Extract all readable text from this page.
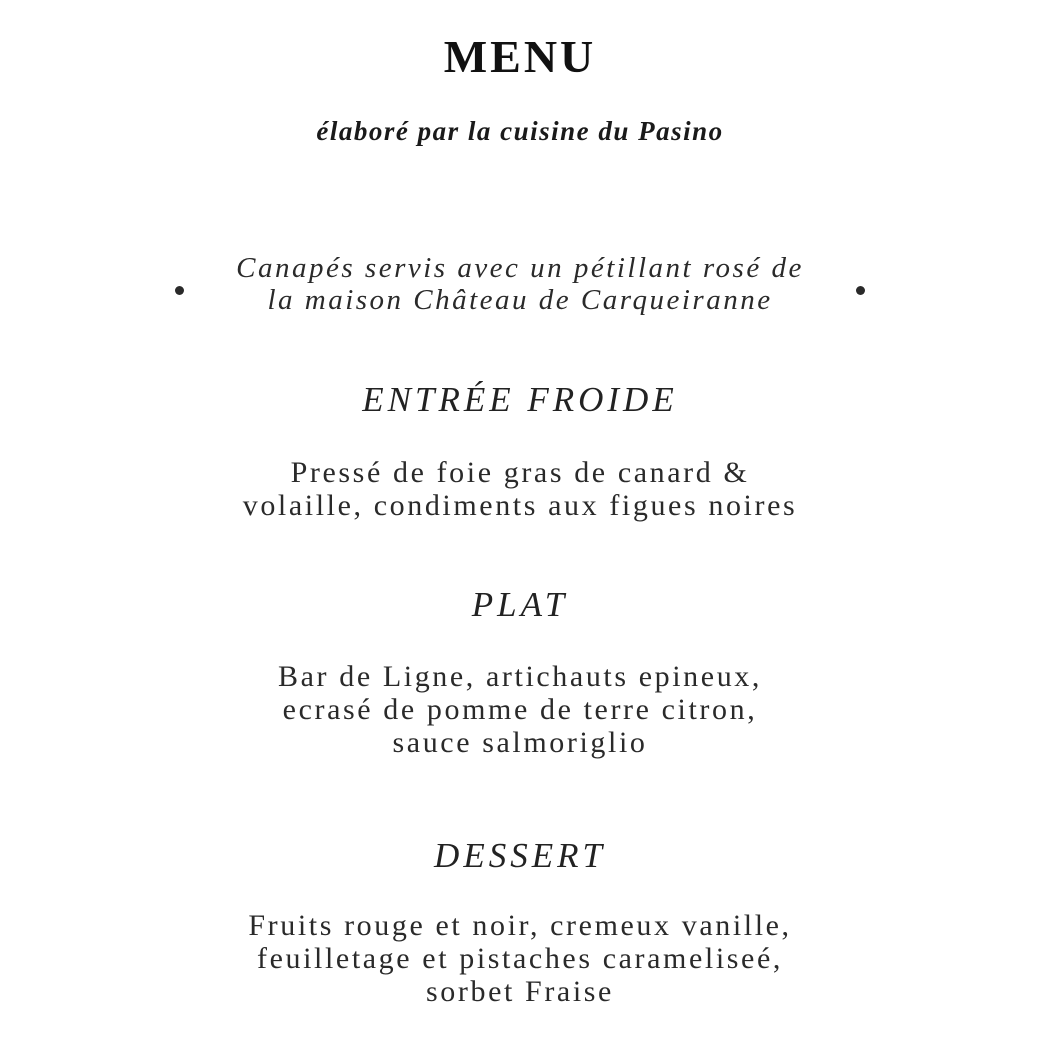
MENU
élaboré par la cuisine du Pasino
Canapés servis avec un pétillant rosé de
la maison Château de Carqueiranne
ENTRÉE FROIDE
Pressé de foie gras de canard &
volaille, condiments aux figues noires
PLAT
Bar de Ligne, artichauts epineux,
ecrasé de pomme de terre citron,
sauce salmoriglio
DESSERT
Fruits rouge et noir, cremeux vanille,
feuilletage et pistaches carameliseé,
sorbet Fraise
